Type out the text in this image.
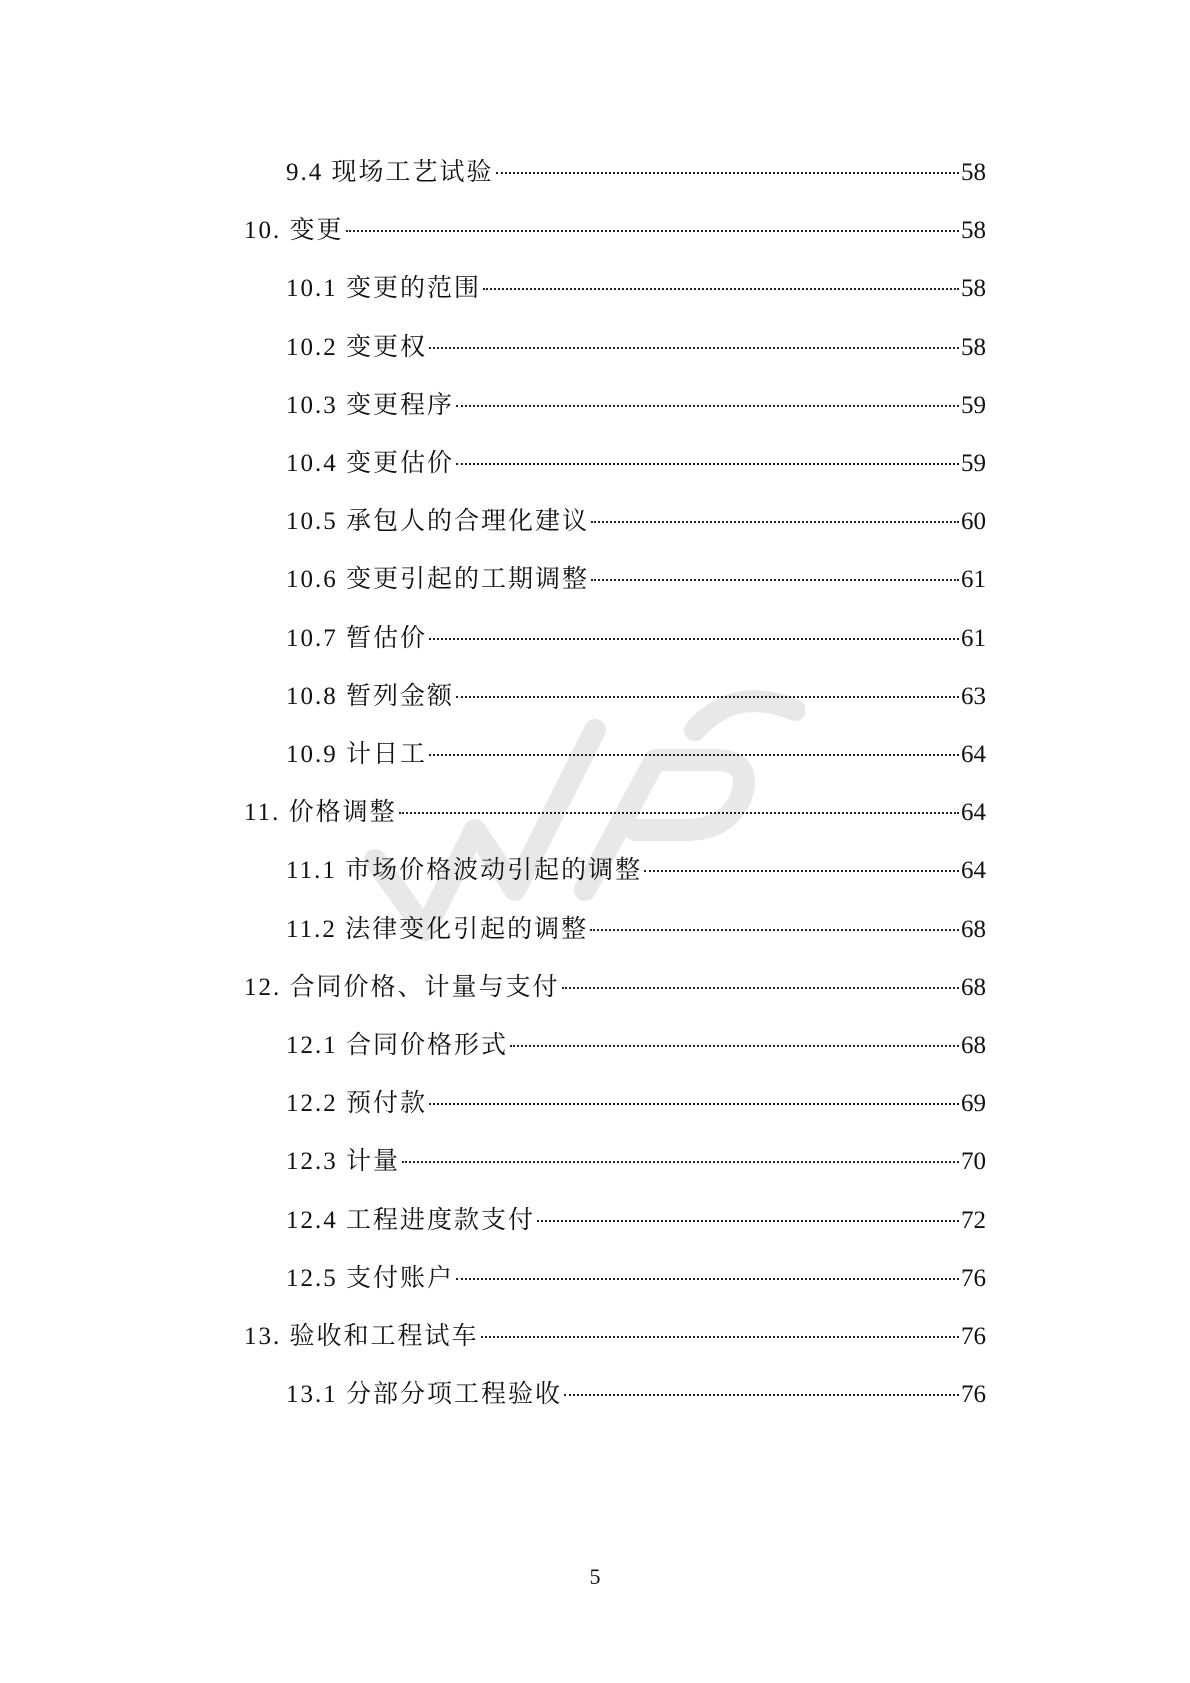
9.4 现场工艺试验	58
10. 变更	58
10.1 变更的范围	58
10.2 变更权	58
10.3 变更程序	59
10.4 变更估价	59
10.5 承包人的合理化建议	60
10.6 变更引起的工期调整	61
10.7 暂估价	61
10.8 暂列金额	63
10.9 计日工	64
11. 价格调整	64
11.1 市场价格波动引起的调整	64
11.2 法律变化引起的调整	68
12. 合同价格、计量与支付	68
12.1 合同价格形式	68
12.2 预付款	69
12.3 计量	70
12.4 工程进度款支付	72
12.5 支付账户	76
13. 验收和工程试车	76
13.1 分部分项工程验收	76
5
